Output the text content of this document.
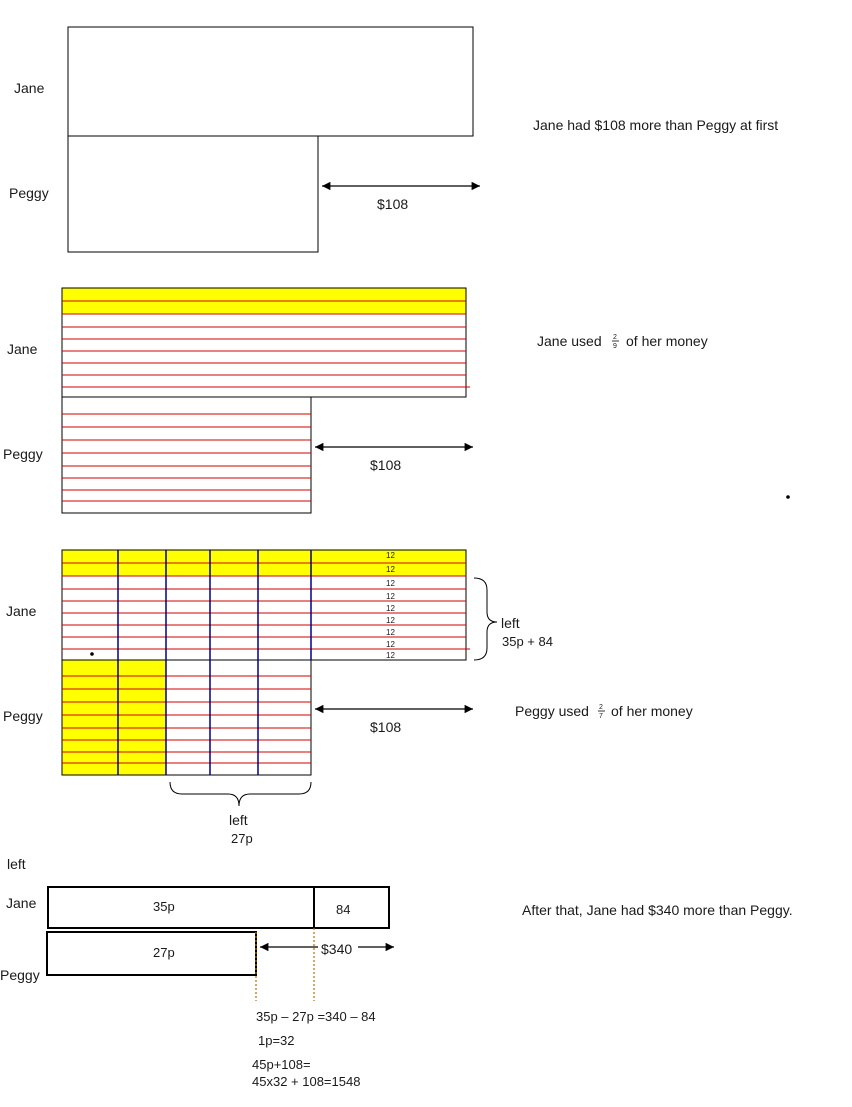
Jane
Peggy
$108
Jane had $108 more than Peggy at first
Jane
Peggy
$108
Jane used 2
9 of her money
12
12
12
12
12
12
12
12
12
Jane
Peggy
$108
left
35p + 84
left
27p
Peggy used 2
7 of her money
left
$340
Jane
Peggy
35p	84
27p
After that, Jane had $340 more than Peggy.
35p – 27p =340 – 84
1p=32
45p+108=
45x32 + 108=1548
